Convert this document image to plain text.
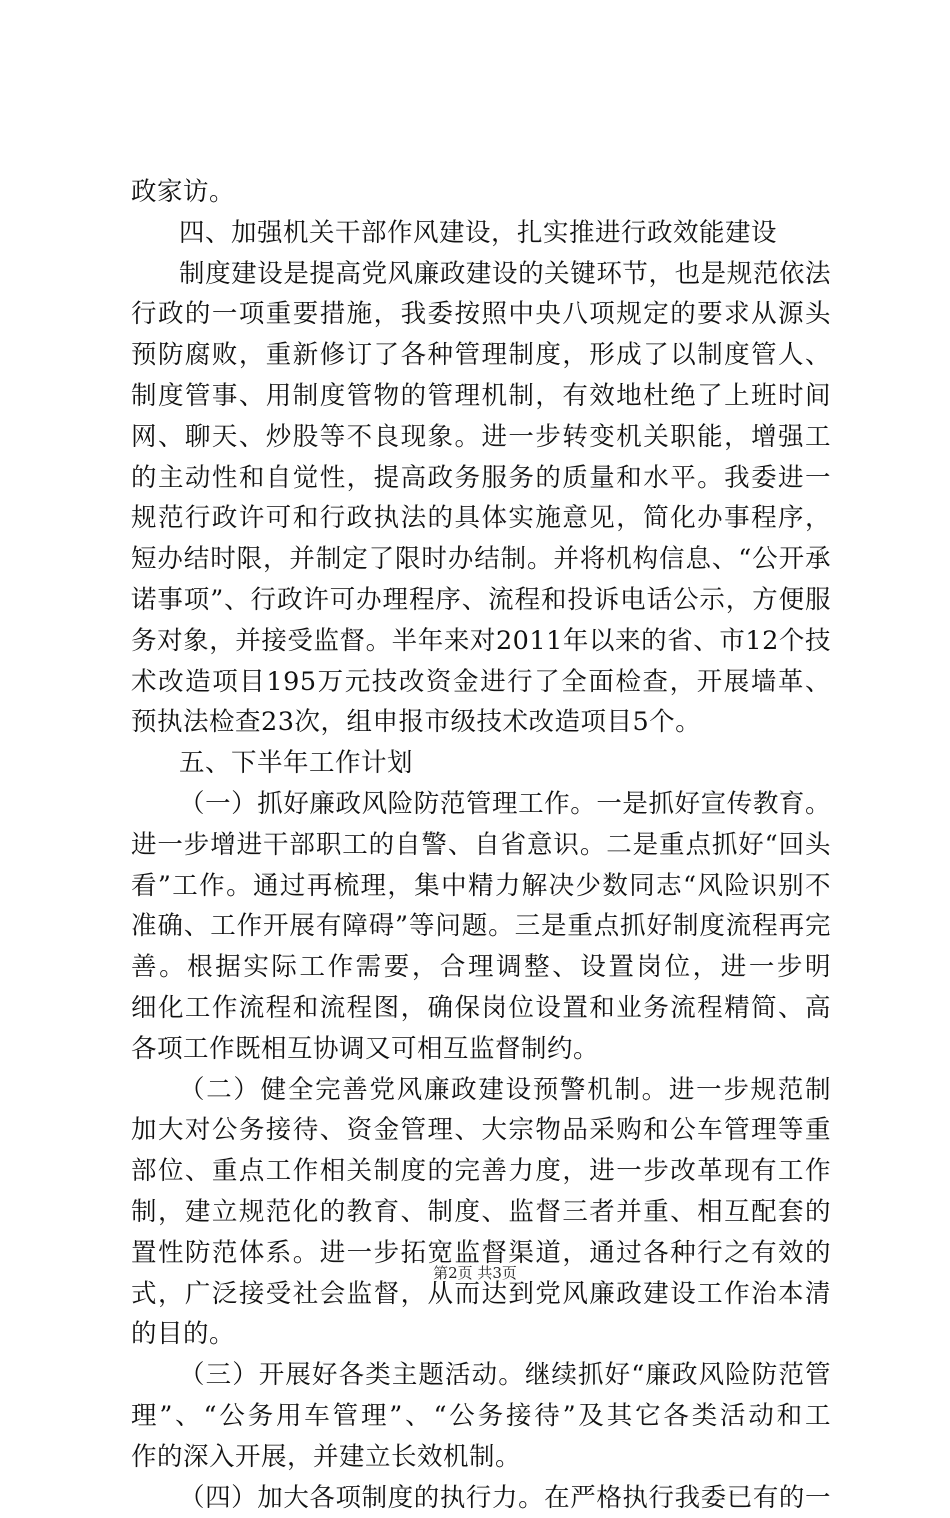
政家访。
四、加强机关干部作风建设，扎实推进行政效能建设
制度建设是提高党风廉政建设的关键环节，也是规范依法
行政的一项重要措施，我委按照中央八项规定的要求从源头
预防腐败，重新修订了各种管理制度，形成了以制度管人、
制度管事、用制度管物的管理机制，有效地杜绝了上班时间
网、聊天、炒股等不良现象。进一步转变机关职能，增强工
的主动性和自觉性，提高政务服务的质量和水平。我委进一
规范行政许可和行政执法的具体实施意见，简化办事程序，
短办结时限，并制定了限时办结制。并将机构信息、“公开承
诺事项”、行政许可办理程序、流程和投诉电话公示，方便服
务对象，并接受监督。半年来对2011年以来的省、市12个技
术改造项目195万元技改资金进行了全面检查，开展墙革、
预执法检查23次，组申报市级技术改造项目5个。
五、下半年工作计划
（一）抓好廉政风险防范管理工作。一是抓好宣传教育。
进一步增进干部职工的自警、自省意识。二是重点抓好“回头
看”工作。通过再梳理，集中精力解决少数同志“风险识别不
准确、工作开展有障碍”等问题。三是重点抓好制度流程再完
善。根据实际工作需要，合理调整、设置岗位，进一步明
细化工作流程和流程图，确保岗位设置和业务流程精简、高
各项工作既相互协调又可相互监督制约。
（二）健全完善党风廉政建设预警机制。进一步规范制
加大对公务接待、资金管理、大宗物品采购和公车管理等重
部位、重点工作相关制度的完善力度，进一步改革现有工作
制，建立规范化的教育、制度、监督三者并重、相互配套的
置性防范体系。进一步拓宽监督渠道，通过各种行之有效的
式，广泛接受社会监督，从而达到党风廉政建设工作治本清
的目的。
（三）开展好各类主题活动。继续抓好“廉政风险防范管
理”、“公务用车管理”、“公务接待”及其它各类活动和工
作的深入开展，并建立长效机制。
（四）加大各项制度的执行力。在严格执行我委已有的一
第2页 共3页
